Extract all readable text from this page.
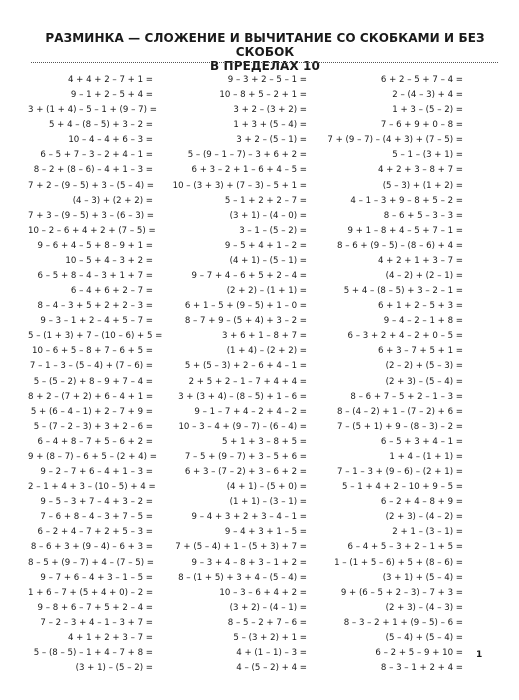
РАЗМИНКА — СЛОЖЕНИЕ И ВЫЧИТАНИЕ СО СКОБКАМИ И БЕЗ СКОБОК
В ПРЕДЕЛАХ 10
4 + 4 + 2 – 7 + 1 =
9 – 1 + 2 – 5 + 4 =
3 + (1 + 4) – 5 – 1 + (9 – 7) =
5 + 4 – (8 – 5) + 3 – 2 =
10 – 4 – 4 + 6 – 3 =
6 – 5 + 7 – 3 – 2 + 4 – 1 =
8 – 2 + (8 – 6) – 4 + 1 – 3 =
7 + 2 – (9 – 5) + 3 – (5 – 4) =
(4 – 3) + (2 + 2) =
7 + 3 – (9 – 5) + 3 – (6 – 3) =
10 – 2 – 6 + 4 + 2 + (7 – 5) =
9 – 6 + 4 – 5 + 8 – 9 + 1 =
10 – 5 + 4 – 3 + 2 =
6 – 5 + 8 – 4 – 3 + 1 + 7 =
6 – 4 + 6 + 2 – 7 =
8 – 4 – 3 + 5 + 2 + 2 – 3 =
9 – 3 – 1 + 2 – 4 + 5 – 7 =
5 – (1 + 3) + 7 – (10 – 6) + 5 =
10 – 6 + 5 – 8 + 7 – 6 + 5 =
7 – 1 – 3 – (5 – 4) + (7 – 6) =
5 – (5 – 2) + 8 – 9 + 7 – 4 =
8 + 2 – (7 + 2) + 6 – 4 + 1 =
5 + (6 – 4 – 1) + 2 – 7 + 9 =
5 – (7 – 2 – 3) + 3 + 2 – 6 =
6 – 4 + 8 – 7 + 5 – 6 + 2 =
9 + (8 – 7) – 6 + 5 – (2 + 4) =
9 – 2 – 7 + 6 – 4 + 1 – 3 =
2 – 1 + 4 + 3 – (10 – 5) + 4 =
9 – 5 – 3 + 7 – 4 + 3 – 2 =
7 – 6 + 8 – 4 – 3 + 7 – 5 =
6 – 2 + 4 – 7 + 2 + 5 – 3 =
8 – 6 + 3 + (9 – 4) – 6 + 3 =
8 – 5 + (9 – 7) + 4 – (7 – 5) =
9 – 7 + 6 – 4 + 3 – 1 – 5 =
1 + 6 – 7 + (5 + 4 + 0) – 2 =
9 – 8 + 6 – 7 + 5 + 2 – 4 =
7 – 2 – 3 + 4 – 1 – 3 + 7 =
4 + 1 + 2 + 3 – 7 =
5 – (8 – 5) – 1 + 4 – 7 + 8 =
(3 + 1) – (5 – 2) =
9 – 3 + 2 – 5 – 1 =
10 – 8 + 5 – 2 + 1 =
3 + 2 – (3 + 2) =
1 + 3 + (5 – 4) =
3 + 2 – (5 – 1) =
5 – (9 – 1 – 7) – 3 + 6 + 2 =
6 + 3 – 2 + 1 – 6 + 4 – 5 =
10 – (3 + 3) + (7 – 3) – 5 + 1 =
5 – 1 + 2 + 2 – 7 =
(3 + 1) – (4 – 0) =
3 – 1 – (5 – 2) =
9 – 5 + 4 + 1 – 2 =
(4 + 1) – (5 – 1) =
9 – 7 + 4 – 6 + 5 + 2 – 4 =
(2 + 2) – (1 + 1) =
6 + 1 – 5 + (9 – 5) + 1 – 0 =
8 – 7 + 9 – (5 + 4) + 3 – 2 =
3 + 6 + 1 – 8 + 7 =
(1 + 4) – (2 + 2) =
5 + (5 – 3) + 2 – 6 + 4 – 1 =
2 + 5 + 2 – 1 – 7 + 4 + 4 =
3 + (3 + 4) – (8 – 5) + 1 – 6 =
9 – 1 – 7 + 4 – 2 + 4 – 2 =
10 – 3 – 4 + (9 – 7) – (6 – 4) =
5 + 1 + 3 – 8 + 5 =
7 – 5 + (9 – 7) + 3 – 5 + 6 =
6 + 3 – (7 – 2) + 3 – 6 + 2 =
(4 + 1) – (5 + 0) =
(1 + 1) – (3 – 1) =
9 – 4 + 3 + 2 + 3 – 4 – 1 =
9 – 4 + 3 + 1 – 5 =
7 + (5 – 4) + 1 – (5 + 3) + 7 =
9 – 3 + 4 – 8 + 3 – 1 + 2 =
8 – (1 + 5) + 3 + 4 – (5 – 4) =
10 – 3 – 6 + 4 + 2 =
(3 + 2) – (4 – 1) =
8 – 5 – 2 + 7 – 6 =
5 – (3 + 2) + 1 =
4 + (1 – 1) – 3 =
4 – (5 – 2) + 4 =
6 + 2 – 5 + 7 – 4 =
2 – (4 – 3) + 4 =
1 + 3 – (5 – 2) =
7 – 6 + 9 + 0 – 8 =
7 + (9 – 7) – (4 + 3) + (7 – 5) =
5 – 1 – (3 + 1) =
4 + 2 + 3 – 8 + 7 =
(5 – 3) + (1 + 2) =
4 – 1 – 3 + 9 – 8 + 5 – 2 =
8 – 6 + 5 – 3 – 3 =
9 + 1 – 8 + 4 – 5 + 7 – 1 =
8 – 6 + (9 – 5) – (8 – 6) + 4 =
4 + 2 + 1 + 3 – 7 =
(4 – 2) + (2 – 1) =
5 + 4 – (8 – 5) + 3 – 2 – 1 =
6 + 1 + 2 – 5 + 3 =
9 – 4 – 2 – 1 + 8 =
6 – 3 + 2 + 4 – 2 + 0 – 5 =
6 + 3 – 7 + 5 + 1 =
(2 – 2) + (5 – 3) =
(2 + 3) – (5 – 4) =
8 – 6 + 7 – 5 + 2 – 1 – 3 =
8 – (4 – 2) + 1 – (7 – 2) + 6 =
7 – (5 + 1) + 9 – (8 – 3) – 2 =
6 – 5 + 3 + 4 – 1 =
1 + 4 – (1 + 1) =
7 – 1 – 3 + (9 – 6) – (2 + 1) =
5 – 1 + 4 + 2 – 10 + 9 – 5 =
6 – 2 + 4 – 8 + 9 =
(2 + 3) – (4 – 2) =
2 + 1 – (3 – 1) =
6 – 4 + 5 – 3 + 2 – 1 + 5 =
1 – (1 + 5 – 6) + 5 + (8 – 6) =
(3 + 1) + (5 – 4) =
9 + (6 – 5 + 2 – 3) – 7 + 3 =
(2 + 3) – (4 – 3) =
8 – 3 – 2 + 1 + (9 – 5) – 6 =
(5 – 4) + (5 – 4) =
6 – 2 + 5 – 9 + 10 =
8 – 3 – 1 + 2 + 4 =
1
